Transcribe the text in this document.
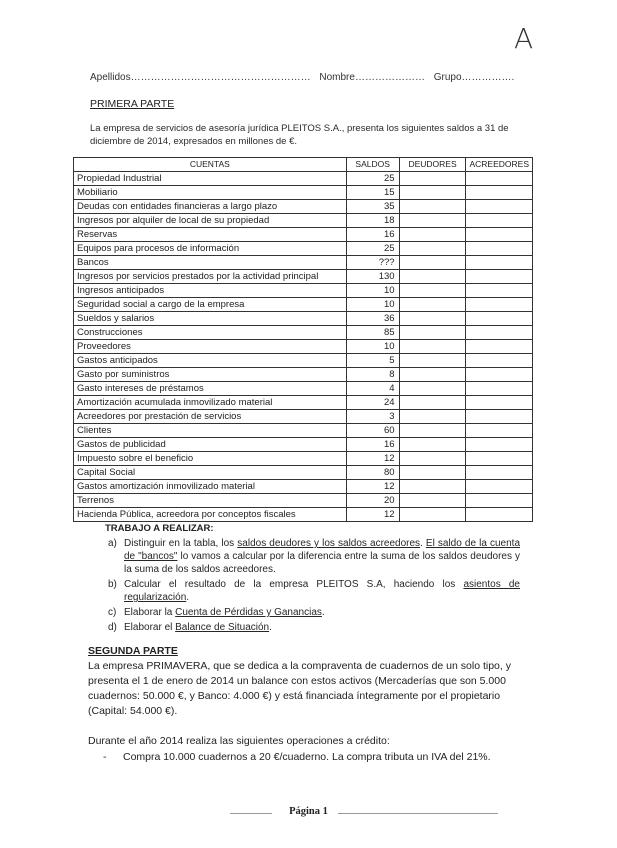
A
Apellidos……………………………………………… Nombre………………… Grupo…………….
PRIMERA PARTE
La empresa de servicios de asesoría jurídica PLEITOS S.A., presenta los siguientes saldos a 31 de diciembre de 2014, expresados en millones de €.
CUENTAS	SALDOS	DEUDORES	ACREEDORES
Propiedad Industrial	25		
Mobiliario	15		
Deudas con entidades financieras a largo plazo	35		
Ingresos por alquiler de local de su propiedad	18		
Reservas	16		
Equipos para procesos de información	25		
Bancos	???		
Ingresos por servicios prestados por la actividad principal	130		
Ingresos anticipados	10		
Seguridad social a cargo de la empresa	10		
Sueldos y salarios	36		
Construcciones	85		
Proveedores	10		
Gastos anticipados	5		
Gasto por suministros	8		
Gasto intereses de préstamos	4		
Amortización acumulada inmovilizado material	24		
Acreedores por prestación de servicios	3		
Clientes	60		
Gastos de publicidad	16		
Impuesto sobre el beneficio	12		
Capital Social	80		
Gastos amortización inmovilizado material	12		
Terrenos	20		
Hacienda Pública, acreedora por conceptos fiscales	12		
TRABAJO A REALIZAR:
a) Distinguir en la tabla, los saldos deudores y los saldos acreedores. El saldo de la cuenta de "bancos" lo vamos a calcular por la diferencia entre la suma de los saldos deudores y la suma de los saldos acreedores.
b) Calcular el resultado de la empresa PLEITOS S.A, haciendo los asientos de regularización.
c) Elaborar la Cuenta de Pérdidas y Ganancias.
d) Elaborar el Balance de Situación.
SEGUNDA PARTE
La empresa PRIMAVERA, que se dedica a la compraventa de cuadernos de un solo tipo, y presenta el 1 de enero de 2014 un balance con estos activos (Mercaderías que son 5.000 cuadernos: 50.000 €, y Banco: 4.000 €) y está financiada íntegramente por el propietario (Capital: 54.000 €).
Durante el año 2014 realiza las siguientes operaciones a crédito:
-	Compra 10.000 cuadernos a 20 €/cuaderno. La compra tributa un IVA del 21%.
Página 1
